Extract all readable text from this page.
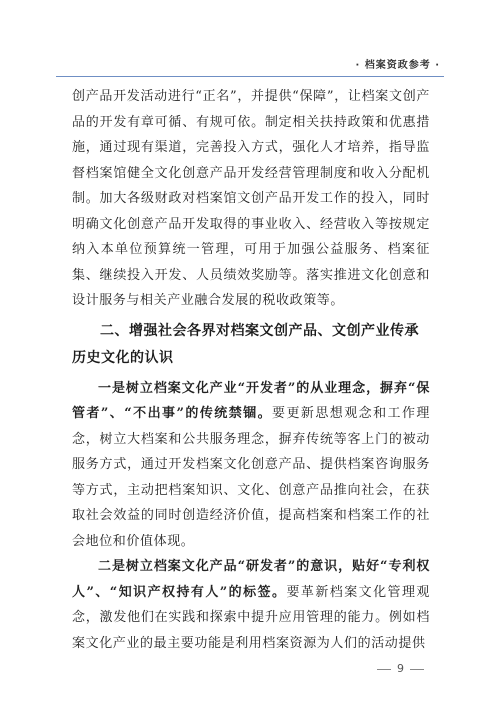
· 档案资政参考 ·

创产品开发活动进行“正名”，并提供“保障”，让档案文创产品的开发有章可循、有规可依。制定相关扶持政策和优惠措施，通过现有渠道，完善投入方式，强化人才培养，指导监督档案馆健全文化创意产品开发经营管理制度和收入分配机制。加大各级财政对档案馆文创产品开发工作的投入，同时明确文化创意产品开发取得的事业收入、经营收入等按规定纳入本单位预算统一管理，可用于加强公益服务、档案征集、继续投入开发、人员绩效奖励等。落实推进文化创意和设计服务与相关产业融合发展的税收政策等。

二、增强社会各界对档案文创产品、文创产业传承历史文化的认识

一是树立档案文化产业“开发者”的从业理念，摒弃“保管者”、“不出事”的传统禁锢。要更新思想观念和工作理念，树立大档案和公共服务理念，摒弃传统等客上门的被动服务方式，通过开发档案文化创意产品、提供档案咨询服务等方式，主动把档案知识、文化、创意产品推向社会，在获取社会效益的同时创造经济价值，提高档案和档案工作的社会地位和价值体现。

二是树立档案文化产品“研发者”的意识，贴好“专利权人”、“知识产权持有人”的标签。要革新档案文化管理观念，激发他们在实践和探索中提升应用管理的能力。例如档案文化产业的最主要功能是利用档案资源为人们的活动提供

9
